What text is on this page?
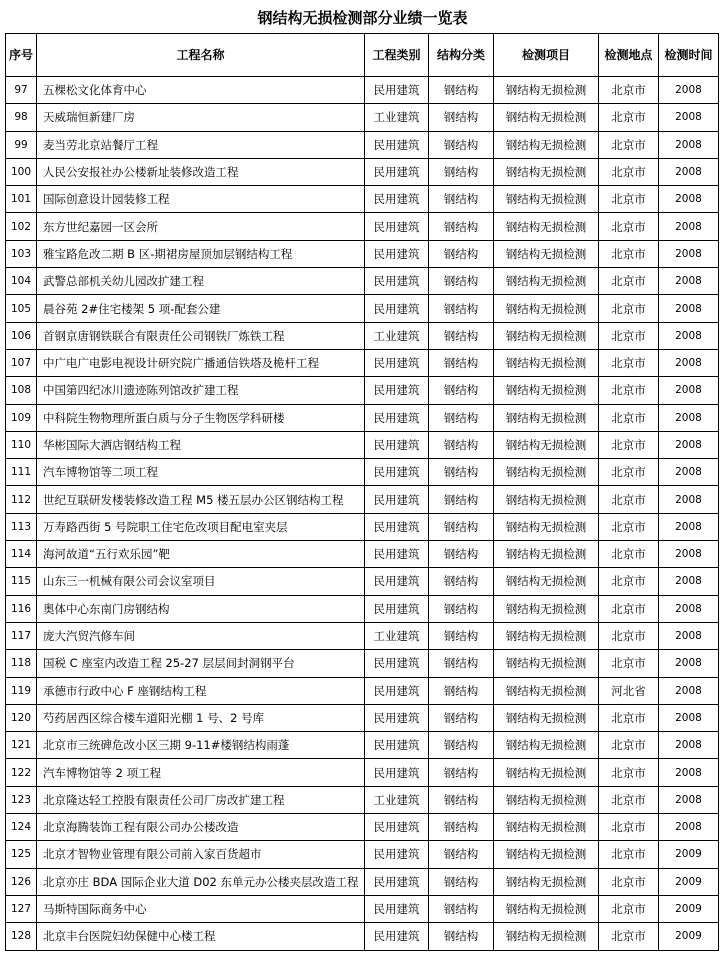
钢结构无损检测部分业绩一览表
序号	工程名称	工程类别	结构分类	检测项目	检测地点	检测时间
97	五棵松文化体育中心	民用建筑	钢结构	钢结构无损检测	北京市	2008
98	天威瑞恒新建厂房	工业建筑	钢结构	钢结构无损检测	北京市	2008
99	麦当劳北京站餐厅工程	民用建筑	钢结构	钢结构无损检测	北京市	2008
100	人民公安报社办公楼新址装修改造工程	民用建筑	钢结构	钢结构无损检测	北京市	2008
101	国际创意设计园装修工程	民用建筑	钢结构	钢结构无损检测	北京市	2008
102	东方世纪嘉园一区会所	民用建筑	钢结构	钢结构无损检测	北京市	2008
103	雅宝路危改二期 B 区-期裙房屋顶加层钢结构工程	民用建筑	钢结构	钢结构无损检测	北京市	2008
104	武警总部机关幼儿园改扩建工程	民用建筑	钢结构	钢结构无损检测	北京市	2008
105	晨谷苑 2#住宅楼架 5 项-配套公建	民用建筑	钢结构	钢结构无损检测	北京市	2008
106	首钢京唐钢铁联合有限责任公司钢铁厂炼铁工程	工业建筑	钢结构	钢结构无损检测	北京市	2008
107	中广电广电影电视设计研究院广播通信铁塔及桅杆工程	民用建筑	钢结构	钢结构无损检测	北京市	2008
108	中国第四纪冰川遗迹陈列馆改扩建工程	民用建筑	钢结构	钢结构无损检测	北京市	2008
109	中科院生物物理所蛋白质与分子生物医学科研楼	民用建筑	钢结构	钢结构无损检测	北京市	2008
110	华彬国际大酒店钢结构工程	民用建筑	钢结构	钢结构无损检测	北京市	2008
111	汽车博物馆等二项工程	民用建筑	钢结构	钢结构无损检测	北京市	2008
112	世纪互联研发楼装修改造工程 M5 楼五层办公区钢结构工程	民用建筑	钢结构	钢结构无损检测	北京市	2008
113	万寿路西街 5 号院职工住宅危改项目配电室夹层	民用建筑	钢结构	钢结构无损检测	北京市	2008
114	海河故道“五行欢乐园”靶	民用建筑	钢结构	钢结构无损检测	北京市	2008
115	山东三一机械有限公司会议室项目	民用建筑	钢结构	钢结构无损检测	北京市	2008
116	奥体中心东南门房钢结构	民用建筑	钢结构	钢结构无损检测	北京市	2008
117	庞大汽贸汽修车间	工业建筑	钢结构	钢结构无损检测	北京市	2008
118	国税 C 座室内改造工程 25-27 层层间封洞钢平台	民用建筑	钢结构	钢结构无损检测	北京市	2008
119	承德市行政中心 F 座钢结构工程	民用建筑	钢结构	钢结构无损检测	河北省	2008
120	芍药居西区综合楼车道阳光棚 1 号、2 号库	民用建筑	钢结构	钢结构无损检测	北京市	2008
121	北京市三统碑危改小区三期 9-11#楼钢结构雨蓬	民用建筑	钢结构	钢结构无损检测	北京市	2008
122	汽车博物馆等 2 项工程	民用建筑	钢结构	钢结构无损检测	北京市	2008
123	北京隆达轻工控股有限责任公司厂房改扩建工程	工业建筑	钢结构	钢结构无损检测	北京市	2008
124	北京海腾装饰工程有限公司办公楼改造	民用建筑	钢结构	钢结构无损检测	北京市	2008
125	北京才智物业管理有限公司前入家百货超市	民用建筑	钢结构	钢结构无损检测	北京市	2009
126	北京亦庄 BDA 国际企业大道 D02 东单元办公楼夹层改造工程	民用建筑	钢结构	钢结构无损检测	北京市	2009
127	马斯特国际商务中心	民用建筑	钢结构	钢结构无损检测	北京市	2009
128	北京丰台医院妇幼保健中心楼工程	民用建筑	钢结构	钢结构无损检测	北京市	2009
